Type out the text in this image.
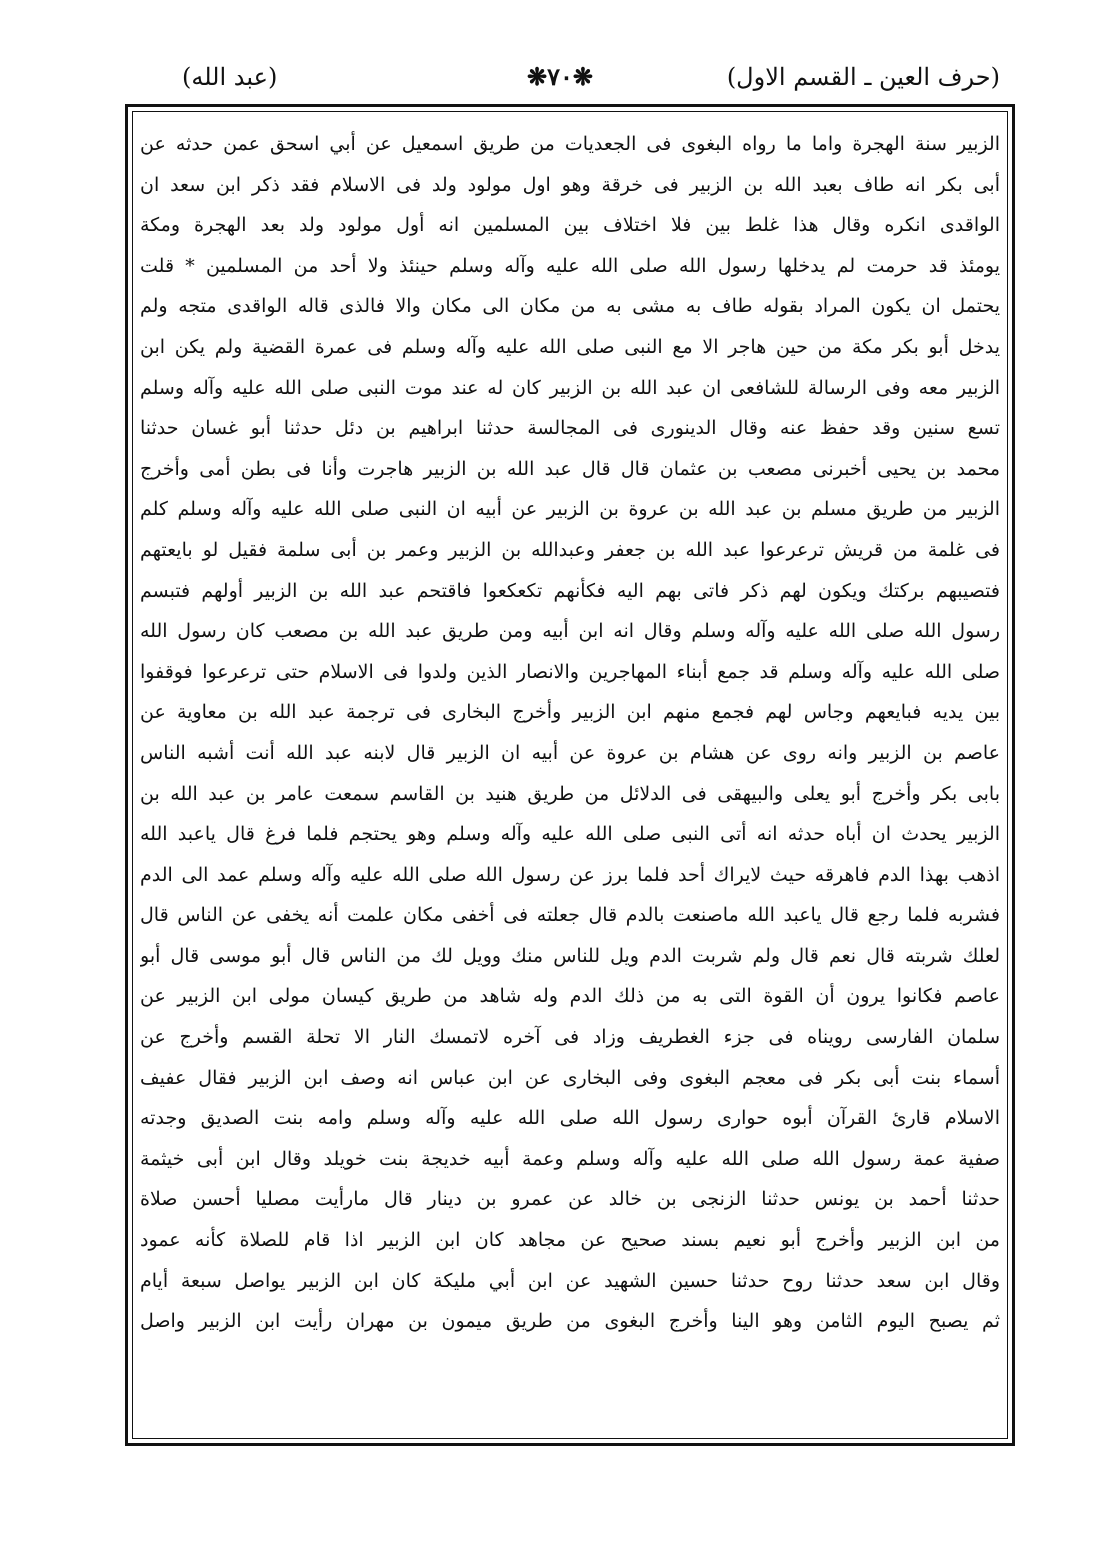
(حرف العين ـ القسم الاول)
❋٧٠❋
(عبد الله)
الزبير سنة الهجرة واما ما رواه البغوى فى الجعديات من طريق اسمعيل عن أبي اسحق عمن حدثه عن
أبى بكر انه طاف بعبد الله بن الزبير فى خرقة وهو اول مولود ولد فى الاسلام فقد ذكر ابن سعد ان
الواقدى انكره وقال هذا غلط بين فلا اختلاف بين المسلمين انه أول مولود ولد بعد الهجرة ومكة
يومئذ قد حرمت لم يدخلها رسول الله صلى الله عليه وآله وسلم حينئذ ولا أحد من المسلمين * قلت
يحتمل ان يكون المراد بقوله طاف به مشى به من مكان الى مكان والا فالذى قاله الواقدى متجه ولم
يدخل أبو بكر مكة من حين هاجر الا مع النبى صلى الله عليه وآله وسلم فى عمرة القضية ولم يكن ابن
الزبير معه وفى الرسالة للشافعى ان عبد الله بن الزبير كان له عند موت النبى صلى الله عليه وآله وسلم
تسع سنين وقد حفظ عنه وقال الدينورى فى المجالسة حدثنا ابراهيم بن دئل حدثنا أبو غسان حدثنا
محمد بن يحيى أخبرنى مصعب بن عثمان قال قال عبد الله بن الزبير هاجرت وأنا فى بطن أمى وأخرج
الزبير من طريق مسلم بن عبد الله بن عروة بن الزبير عن أبيه ان النبى صلى الله عليه وآله وسلم كلم
فى غلمة من قريش ترعرعوا عبد الله بن جعفر وعبدالله بن الزبير وعمر بن أبى سلمة فقيل لو بايعتهم
فتصيبهم بركتك ويكون لهم ذكر فاتى بهم اليه فكأنهم تكعكعوا فاقتحم عبد الله بن الزبير أولهم فتبسم
رسول الله صلى الله عليه وآله وسلم وقال انه ابن أبيه ومن طريق عبد الله بن مصعب كان رسول الله
صلى الله عليه وآله وسلم قد جمع أبناء المهاجرين والانصار الذين ولدوا فى الاسلام حتى ترعرعوا فوقفوا
بين يديه فبايعهم وجاس لهم فجمع منهم ابن الزبير وأخرج البخارى فى ترجمة عبد الله بن معاوية عن
عاصم بن الزبير وانه روى عن هشام بن عروة عن أبيه ان الزبير قال لابنه عبد الله أنت أشبه الناس
بابى بكر وأخرج أبو يعلى والبيهقى فى الدلائل من طريق هنيد بن القاسم سمعت عامر بن عبد الله بن
الزبير يحدث ان أباه حدثه انه أتى النبى صلى الله عليه وآله وسلم وهو يحتجم فلما فرغ قال ياعبد الله
اذهب بهذا الدم فاهرقه حيث لايراك أحد فلما برز عن رسول الله صلى الله عليه وآله وسلم عمد الى الدم
فشربه فلما رجع قال ياعبد الله ماصنعت بالدم قال جعلته فى أخفى مكان علمت أنه يخفى عن الناس قال
لعلك شربته قال نعم قال ولم شربت الدم ويل للناس منك وويل لك من الناس قال أبو موسى قال أبو
عاصم فكانوا يرون أن القوة التى به من ذلك الدم وله شاهد من طريق كيسان مولى ابن الزبير عن
سلمان الفارسى رويناه فى جزء الغطريف وزاد فى آخره لاتمسك النار الا تحلة القسم وأخرج عن
أسماء بنت أبى بكر فى معجم البغوى وفى البخارى عن ابن عباس انه وصف ابن الزبير فقال عفيف
الاسلام قارئ القرآن أبوه حوارى رسول الله صلى الله عليه وآله وسلم وامه بنت الصديق وجدته
صفية عمة رسول الله صلى الله عليه وآله وسلم وعمة أبيه خديجة بنت خويلد وقال ابن أبى خيثمة
حدثنا أحمد بن يونس حدثنا الزنجى بن خالد عن عمرو بن دينار قال مارأيت مصليا أحسن صلاة
من ابن الزبير وأخرج أبو نعيم بسند صحيح عن مجاهد كان ابن الزبير اذا قام للصلاة كأنه عمود
وقال ابن سعد حدثنا روح حدثنا حسين الشهيد عن ابن أبي مليكة كان ابن الزبير يواصل سبعة أيام
ثم يصبح اليوم الثامن وهو الينا وأخرج البغوى من طريق ميمون بن مهران رأيت ابن الزبير واصل
